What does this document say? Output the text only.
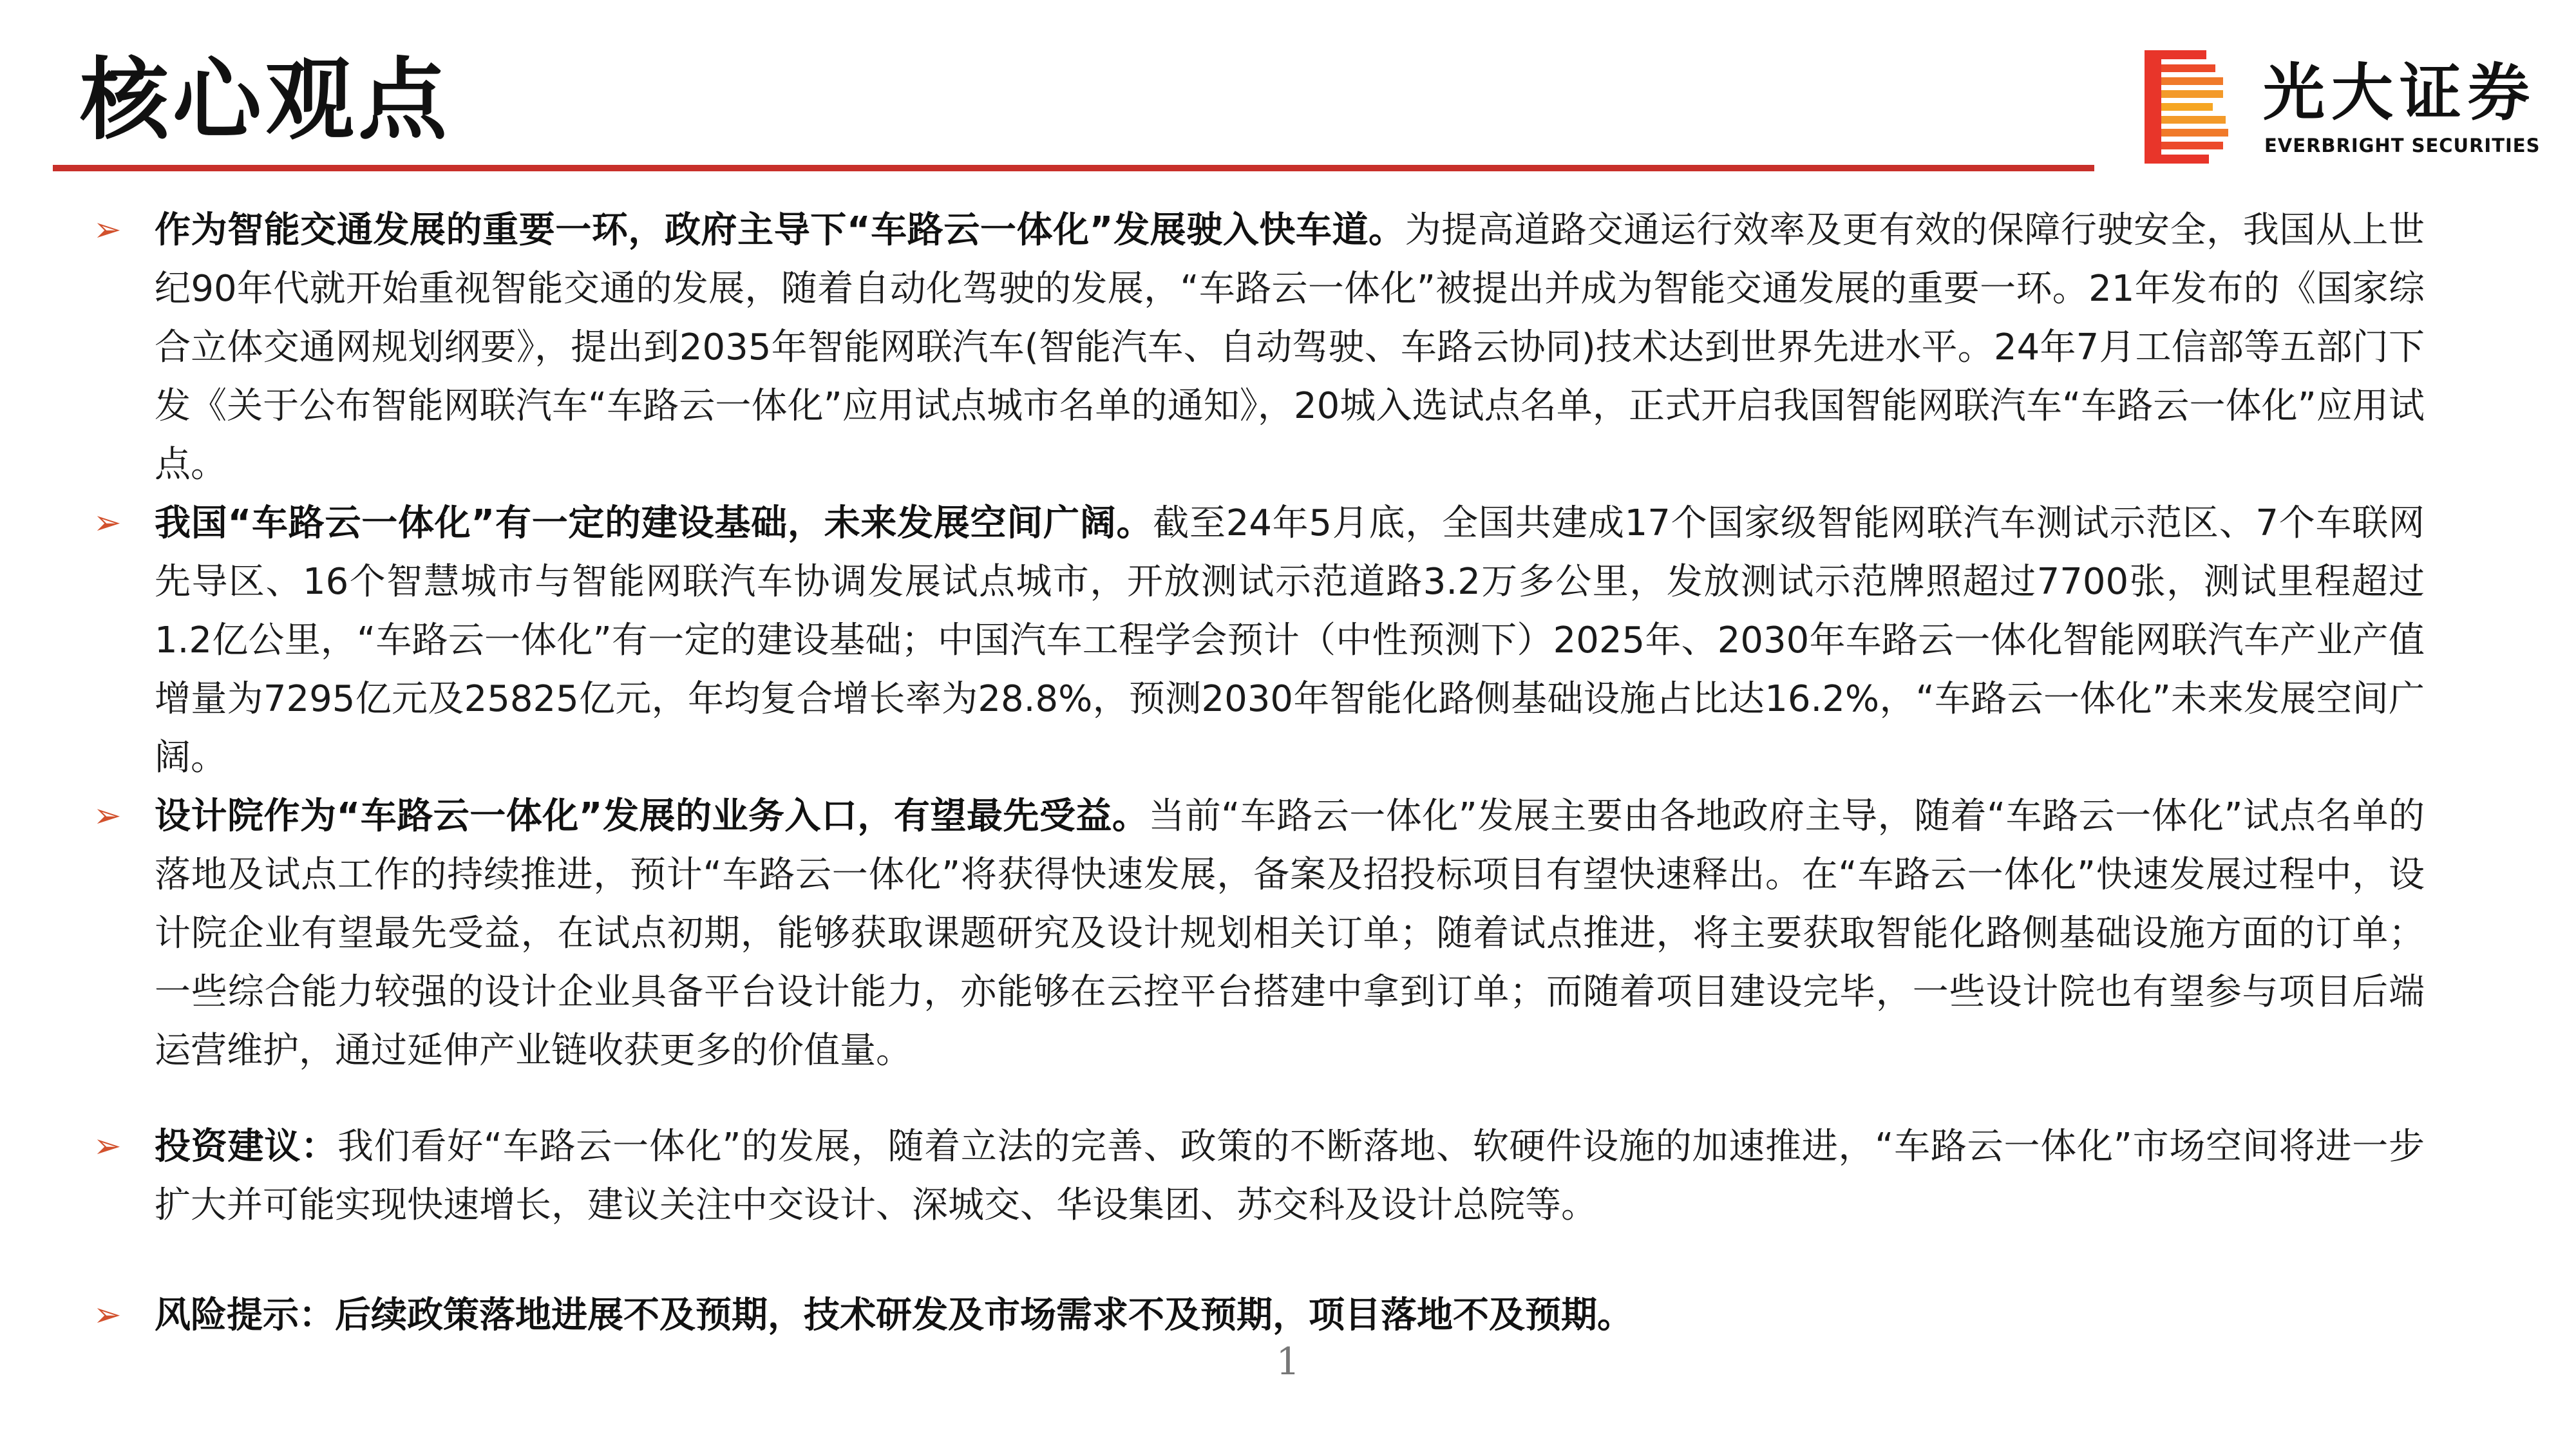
核心观点	光大证券
EVERBRIGHT SECURITIES
➢ 作为智能交通发展的重要一环，政府主导下“车路云一体化”发展驶入快车道。为提高道路交通运行效率及更有效的保障行驶安全，我国从上世纪90年代就开始重视智能交通的发展，随着自动化驾驶的发展，“车路云一体化”被提出并成为智能交通发展的重要一环。21年发布的《国家综合立体交通网规划纲要》，提出到2035年智能网联汽车(智能汽车、自动驾驶、车路云协同)技术达到世界先进水平。24年7月工信部等五部门下发《关于公布智能网联汽车“车路云一体化”应用试点城市名单的通知》，20城入选试点名单，正式开启我国智能网联汽车“车路云一体化”应用试点。
➢ 我国“车路云一体化”有一定的建设基础，未来发展空间广阔。截至24年5月底，全国共建成17个国家级智能网联汽车测试示范区、7个车联网先导区、16个智慧城市与智能网联汽车协调发展试点城市，开放测试示范道路3.2万多公里，发放测试示范牌照超过7700张，测试里程超过1.2亿公里，“车路云一体化”有一定的建设基础；中国汽车工程学会预计（中性预测下）2025年、2030年车路云一体化智能网联汽车产业产值增量为7295亿元及25825亿元，年均复合增长率为28.8%，预测2030年智能化路侧基础设施占比达16.2%，“车路云一体化”未来发展空间广阔。
➢ 设计院作为“车路云一体化”发展的业务入口，有望最先受益。当前“车路云一体化”发展主要由各地政府主导，随着“车路云一体化”试点名单的落地及试点工作的持续推进，预计“车路云一体化”将获得快速发展，备案及招投标项目有望快速释出。在“车路云一体化”快速发展过程中，设计院企业有望最先受益，在试点初期，能够获取课题研究及设计规划相关订单；随着试点推进，将主要获取智能化路侧基础设施方面的订单；一些综合能力较强的设计企业具备平台设计能力，亦能够在云控平台搭建中拿到订单；而随着项目建设完毕，一些设计院也有望参与项目后端运营维护，通过延伸产业链收获更多的价值量。
➢ 投资建议：我们看好“车路云一体化”的发展，随着立法的完善、政策的不断落地、软硬件设施的加速推进，“车路云一体化”市场空间将进一步扩大并可能实现快速增长，建议关注中交设计、深城交、华设集团、苏交科及设计总院等。
➢ 风险提示：后续政策落地进展不及预期，技术研发及市场需求不及预期，项目落地不及预期。
1
